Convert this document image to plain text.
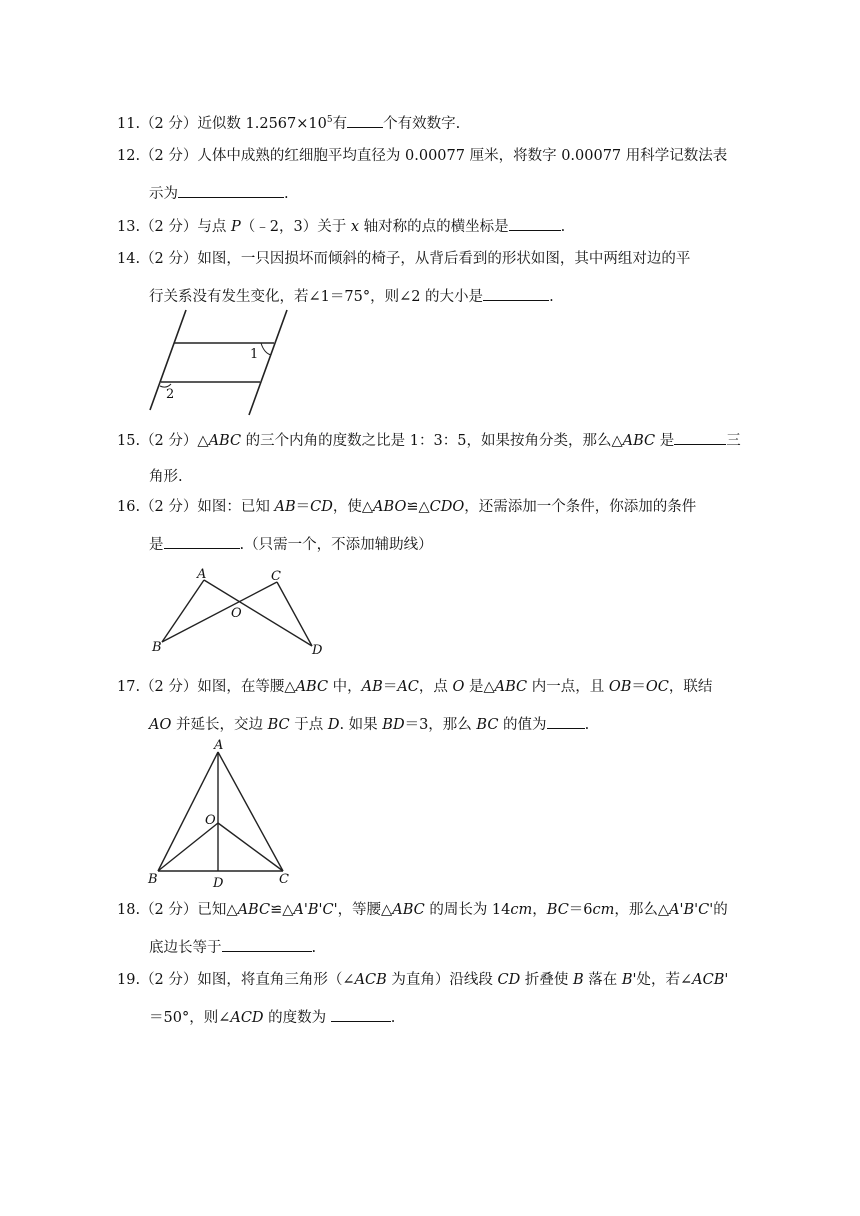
11.（2 分）近似数 $1.2567\times 10^5$有 个有效数字.
12.（2 分）人体中成熟的红细胞平均直径为 0.00077 厘米，将数字 0.00077 用科学记数法表
示为	.
13.（2 分）与点 P（﹣2，3）关于 x 轴对称的点的横坐标是	.
14.（2 分）如图，一只因损坏而倾斜的椅子，从背后看到的形状如图，其中两组对边的平
行关系没有发生变化，若∠1＝75°，则∠2 的大小是	.
1
2
15.（2 分）△ABC 的三个内角的度数之比是 1：3：5，如果按角分类，那么△ABC 是	三
角形.
16.（2 分）如图：已知 AB＝CD，使△ABO≌△CDO，还需添加一个条件，你添加的条件
是	.（只需一个，不添加辅助线）
A
B
C
D
O
17.（2 分）如图，在等腰△ABC 中，AB＝AC，点 O 是△ABC 内一点，且 OB＝OC，联结
AO 并延长，交边 BC 于点 D. 如果 BD＝3，那么 BC 的值为	.
A
B	C
D
O
18.（2 分）已知△ABC≌△A'B'C'，等腰△ABC 的周长为 14cm，BC＝6cm，那么△A'B'C'的
底边长等于	.
19.（2 分）如图，将直角三角形（∠ACB 为直角）沿线段 CD 折叠使 B 落在 B'处，若∠ACB'
＝50°，则∠ACD 的度数为	.
